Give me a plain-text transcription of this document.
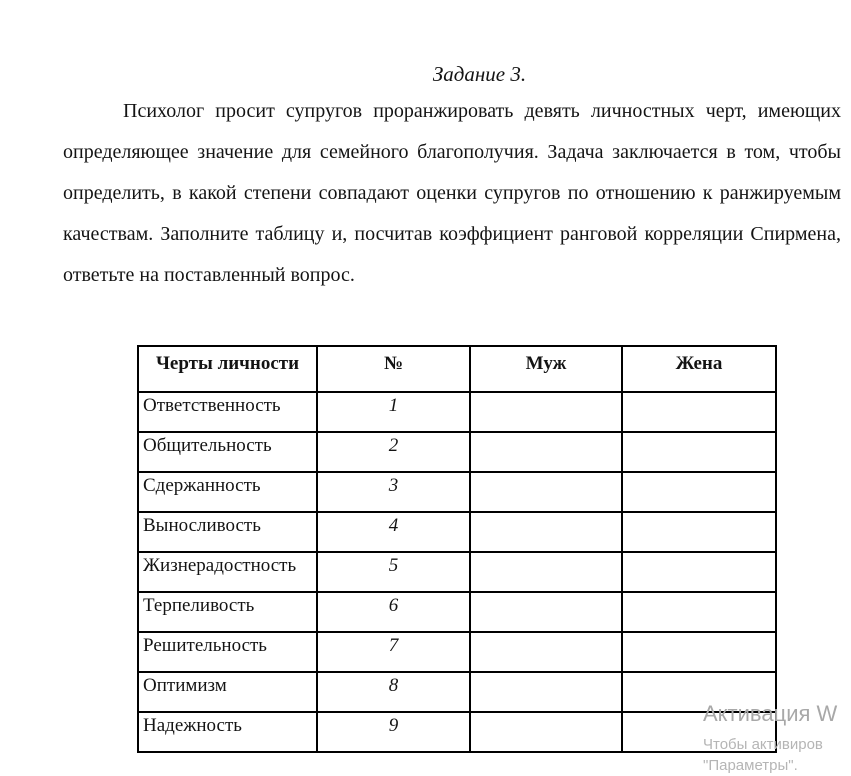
Задание 3.
Психолог просит супругов проранжировать девять личностных черт, имеющих определяющее значение для семейного благополучия. Задача заключается в том, чтобы определить, в какой степени совпадают оценки супругов по отношению к ранжируемым качествам. Заполните таблицу и, посчитав коэффициент ранговой корреляции Спирмена, ответьте на поставленный вопрос.
Черты личности	№	Муж	Жена
Ответственность	1		
Общительность	2		
Сдержанность	3		
Выносливость	4		
Жизнерадостность	5		
Терпеливость	6		
Решительность	7		
Оптимизм	8		
Надежность	9			Активация W
Чтобы активиров
"Параметры".
